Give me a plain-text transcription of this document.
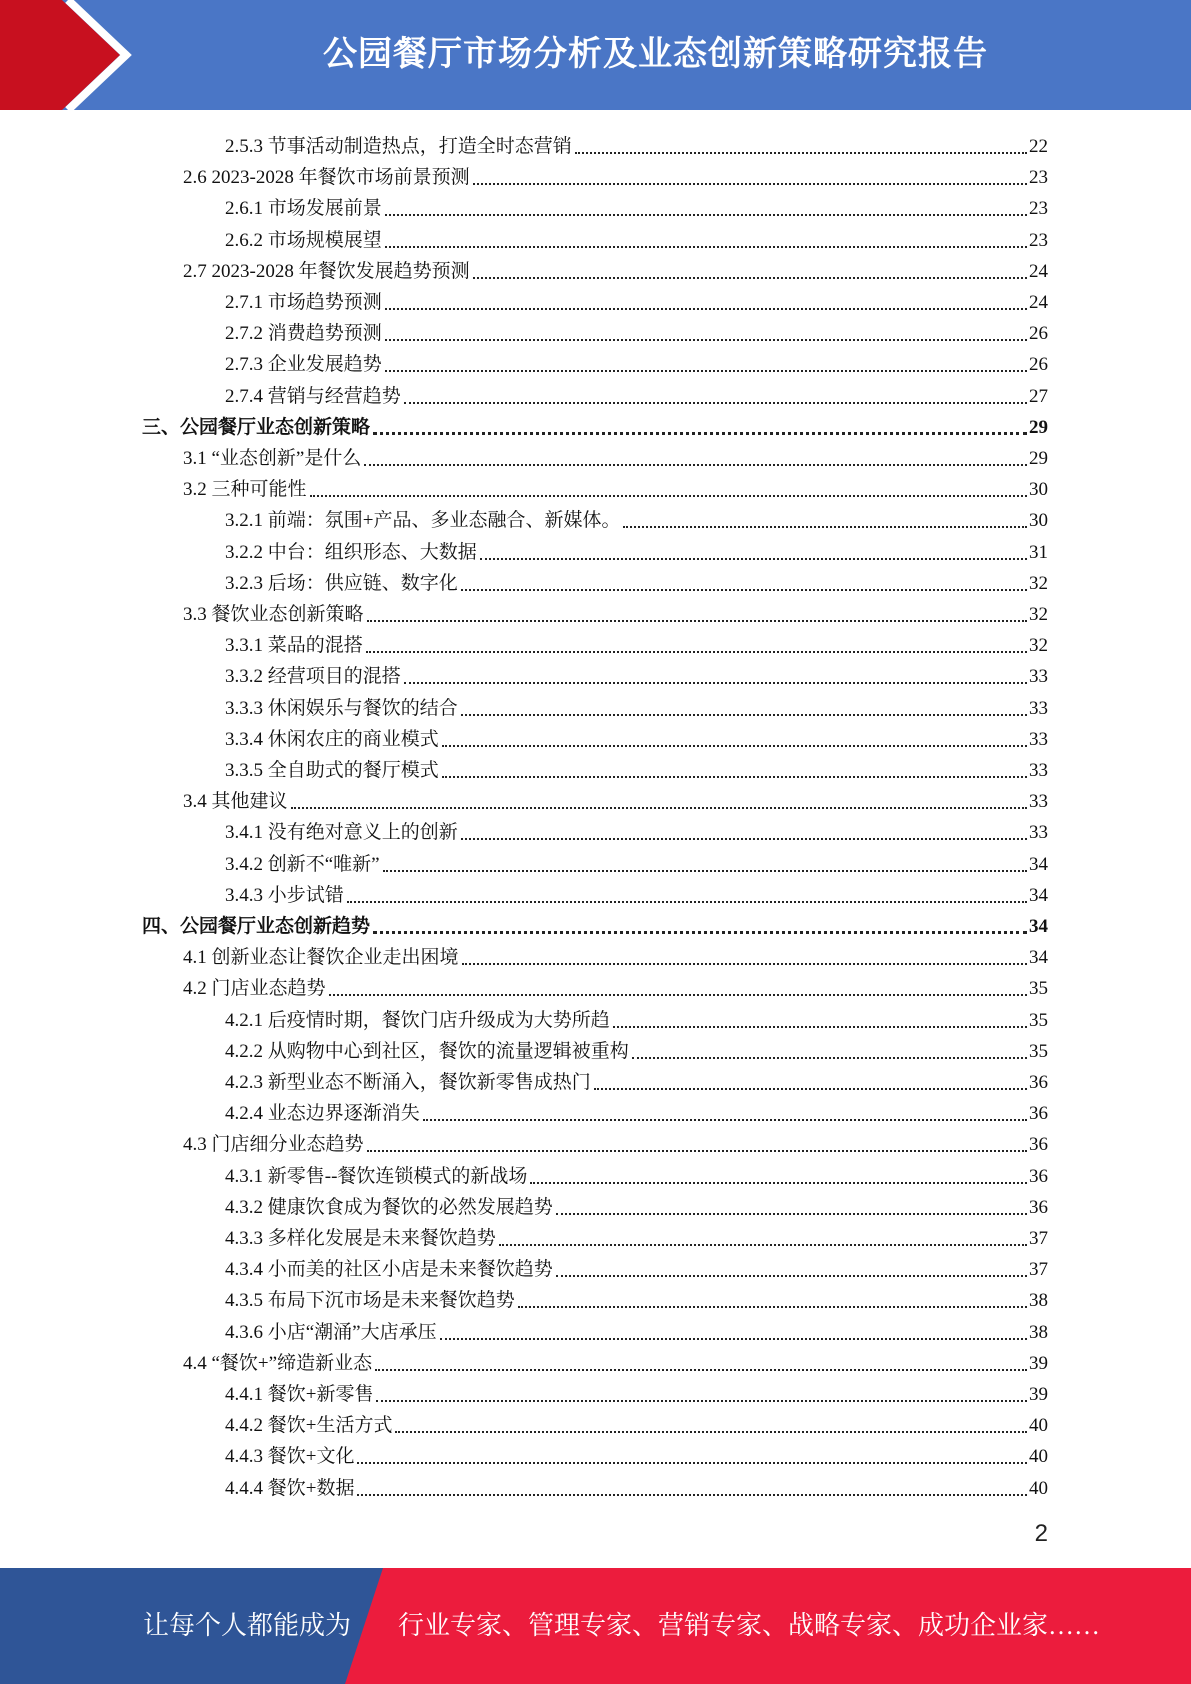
公园餐厅市场分析及业态创新策略研究报告
2.5.3 节事活动制造热点，打造全时态营销	22
2.6 2023-2028 年餐饮市场前景预测	23
2.6.1 市场发展前景	23
2.6.2 市场规模展望	23
2.7 2023-2028 年餐饮发展趋势预测	24
2.7.1 市场趋势预测	24
2.7.2 消费趋势预测	26
2.7.3 企业发展趋势	26
2.7.4 营销与经营趋势	27
三、公园餐厅业态创新策略	29
3.1 “业态创新”是什么	29
3.2 三种可能性	30
3.2.1 前端：氛围+产品、多业态融合、新媒体。	30
3.2.2 中台：组织形态、大数据	31
3.2.3 后场：供应链、数字化	32
3.3 餐饮业态创新策略	32
3.3.1 菜品的混搭	32
3.3.2 经营项目的混搭	33
3.3.3 休闲娱乐与餐饮的结合	33
3.3.4 休闲农庄的商业模式	33
3.3.5 全自助式的餐厅模式	33
3.4 其他建议	33
3.4.1 没有绝对意义上的创新	33
3.4.2 创新不“唯新”	34
3.4.3 小步试错	34
四、公园餐厅业态创新趋势	34
4.1 创新业态让餐饮企业走出困境	34
4.2 门店业态趋势	35
4.2.1 后疫情时期，餐饮门店升级成为大势所趋	35
4.2.2 从购物中心到社区，餐饮的流量逻辑被重构	35
4.2.3 新型业态不断涌入，餐饮新零售成热门	36
4.2.4 业态边界逐渐消失	36
4.3 门店细分业态趋势	36
4.3.1 新零售--餐饮连锁模式的新战场	36
4.3.2 健康饮食成为餐饮的必然发展趋势	36
4.3.3 多样化发展是未来餐饮趋势	37
4.3.4 小而美的社区小店是未来餐饮趋势	37
4.3.5 布局下沉市场是未来餐饮趋势	38
4.3.6 小店“潮涌”大店承压	38
4.4 “餐饮+”缔造新业态	39
4.4.1 餐饮+新零售	39
4.4.2 餐饮+生活方式	40
4.4.3 餐饮+文化	40
4.4.4 餐饮+数据	40
2
让每个人都能成为 行业专家、管理专家、营销专家、战略专家、成功企业家……
